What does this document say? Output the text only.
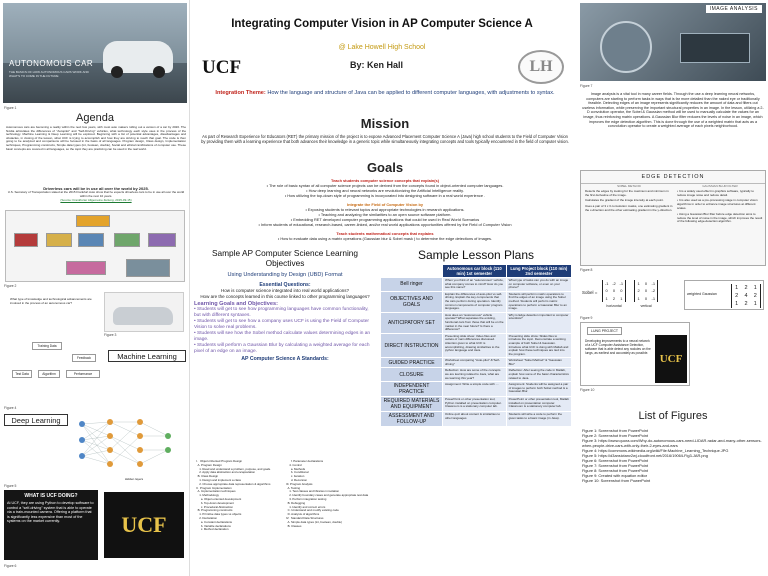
AUTONOMOUS CAR
THE BASICS OF HOW AUTONOMOUS CARS WORK AND WHAT'S TO COME IN THE FUTURE
Figure 1
Agenda
Autonomous cars are becoming a reality within the next few years, with most auto makers rolling out a version of a car by 2020. The Nvidia articulates the differences of "Autopilot" and "Self-Driving" vehicles, what technology each style uses in the process of the technology. Machine Learning & Deep Learning will be explored. Beginning with a list of potential advantages, disadvantages and obstacles, in closing of the lesson, what UCF is trying to accomplish and how they are striving to reach that goal. The code is then going to be analyzed and comparisons will be focused in the basis of all languages. Program design, Class design, Implementation techniques, Programming constructs, Simple data types (int, boolean, double), Social and ethical ramifications of computer use. These basic concepts are covered in all languages, so the topic they are practicing can be used in the real world.
Driverless cars will be in use all over the world by 2025.
U.S. Secretary of Transportation stated at the 2015 Frankfurt Auto show that he expects driverless cars to be in use all over the world within the next 10 years.
(Source: Frankfurter Allgemeine Zeitung, 2015-09-15)
Figure 2
What type of knowledge and technological advancements are involved in the process of an autonomous car?
Figure 3
Training Data
Test Data	Algorithm
Feedback
Performance
Machine Learning
Figure 4
Deep Learning
Hidden layers
Figure 5
WHAT IS UCF DOING?
At UCF, they are using Python to develop software to control a "self-driving" system that is able to operate via a train-mounted camera. Offering a platform that is significantly less expensive than most of the systems on the market currently.	UCF
Figure 6
Integrating Computer Vision in AP Computer Science A
@ Lake Howell High School
UCF	By: Ken Hall	LH
Integration Theme: How the language and structure of Java can be applied to different computer languages, with adjustments to syntax.
Mission
As part of Research Experience for Educators (RET) the primary mission of the project is to expose Advanced Placement Computer Science A (Java) high school students to the Field of Computer Vision by providing them with a learning experience that both advances their knowledge in a generic topic while simultaneously integrating concepts and tools typically encountered in the field of computer vision.
Goals
Teach students computer science concepts that explain(s)
• The role of basic syntax of all computer science projects can be derived from the concepts found in object-oriented computer languages.
• How deep learning and neural networks are revolutionizing the Artificial Intelligence reality.
• How utilizing the top-down style of programming is incorporated into designing software in a real world experience .
Integrate the Field of Computer Vision by
• Exposing students to relevant topics and appropriate technologies in research applications.
• Teaching and analyzing the similarities to an open source software platform.
• Embedding RET developed computer programming applications that could be used in Real World Scenarios
• Inform students of educational, research-based, career-linked, and/or real world applications opportunities offered by the Field of Computer Vision
Teach students mathematical concepts that explains
• How to evaluate data using a matrix operations (Gaussian blur & Sobel mask ) to determine the edge detections of images.
Sample AP Computer Science Learning Objectives
Using Understanding by Design (UBD) Format
Essential Questions:
How is computer science integrated into real world applications?
How are the concepts learned in this course linked to other programming languages?
Learning Goals and Objectives:
• Students will get to see how programming languages have common functionality, but with different syntaxes.
• Students will get to see how a company uses UCF is using the Field of Computer Vision to solve real problems.
• Students will see how the Sobel method calculate values determining edges in an image.
• Students will perform a Gaussian Blur by calculating a weighted average for each pixel of an edge on an image.
AP Computer Science A Standards:
I.   Object-Oriented Program Design
A. Program Design
1. Read and understand a problem, purpose, and goals.
2. Apply data abstraction and encapsulation
B. Class Design
1. Design and implement a class
2. Choose appropriate data representation & algorithms
II.  Program Implementation
A. Implementation techniques
1. Methodology
a. Object-oriented development
b. Top-down development
c. Procedural Abstraction
B. Programming constructs
1. Primitive data types vs objects
2. Declaration
a. Constant declarations
b. Variable declarations
c. Method declaration
f. Parameter declarations
4. Control
a. Methods
b. Conditional
c. Iteration
d. Recursion
III. Program Analysis
A. Testing
1. Test classes and libraries in isolation
2. Identify boundary cases and generate appropriate test data
3. Perform integration testing
B. Debugging
1. Identify and correct errors
C. Understand and modify existing code
D. Analysis of algorithms
IV.  Standard Data Structures
A. Simple data types (int, boolean, double)
B. Classes
Sample Lesson Plans
	Autonomous car block (110 min) 1st semester	Lung Project block (110 min) 2nd semester
Bell ringer	When you think of an "autonomous" vehicle, what company comes to mind? How do you see this name?	What type of tasks can you do with an image on computer software, or even on your phone?
OBJECTIVES AND GOALS	Explain the differences of auto-pilot vs self-driving. Explain the key components that the cars perform during operation. Identify common components of computer program languages.	Students will perform matrix operations to find the edges of an image using the Sobel method. Students will perform matrix operations to perform a Gaussian Blur to an image.
ANTICIPATORY SET	How does an "autonomous" vehicle operate? What separates the existing, functional cars from those that will be on the market in the near future? Is there a difference?	Why is Edge detection important to computer scientists?
DIRECT INSTRUCTION	Presenting slide show: Video files and outlets of main differences discussed. Attention given to what UCF is accomplishing, drawing similarities to the python language and Java.	Presenting slide show: Slides files to introduce the topic. Demonstrate a working example of both Sobel & Gaussian. Introduce what UCF is doing with Matlab and explain how these techniques are tied into the program.
GUIDED PRACTICE	Worksheet comparing "Auto-pilot" &"Self-driving"	Worksheet "Sobel Method" & "Gaussian Blur"
CLOSURE	Reflection: How are some of the concepts we are learning related to Java, what are we learning this year?	Reflection: After seeing the code in Matlab, explain how some of the basic characteristics related to Java.
INDEPENDENT PRACTICE	Assignment: Write a simple code with ....	Assignment: Students will be assigned a pair of images to perform both Sobel method & a Gaussian Blur.
REQUIRED MATERIALS AND EQUIPMENT	PowerPoint or other presentation tool, Python installed on presentation computer. Classroom is a stationary computer lab.	PowerPoint or other presentation tool, Matlab installed on presentation computer. Classroom is a stationary computer lab.
ASSESSMENT AND FOLLOW-UP	Online quiz about content & similarities to other languages	Students will write a code to perform the given tasks to a basic image (in Java).
IMAGE ANALYSIS
Figure 7
Image analysis is a vital tool in many career fields. Through the use a deep learning neural networks, computers are starting to perform tasks in ways that is far more detailed than the naked eye or traditionally feasible. Detecting edges of an image represents significantly reduces the amount of data and filters out useless information, while preserving the important structural properties in an image. In the lesson, utilizing a 2-D convolution operator, the Sobel & Gaussian method will be used to manually calculate the values for an image, thus reinforcing matrix operations. A Gaussian Blur filter reduces the levels of noise in an image, which improves the edge detection algorithm. This is done through the use of a weighted matrix that acts as a convolution operator to create a weighted average of each pixels neighborhood.
EDGE DETECTION
SOBEL METHOD
Detects the edges by looking for the maximum and minimum in the first derivative of the image.
Calculates the gradient of the image intensity at each point.
Uses a pair of 3 x 3 convolution masks, one estimating gradient in the x-direction and the other estimating gradient in the y-direction.
GAUSSIAN BLUR FILTER
• It is a widely used effect in graphics software, typically to reduce image noise and reduce detail.
• It is also used as a pre-processing stage in computer vision algorithms in order to enhance image structures at different scales.
• Using a Gaussian Blur filter before edge detection aims to reduce the level of noise in the image, which improves the result of the following edge-detection algorithm.
Figure 8
Sobel =
-1 -2 -1
0	0	0
1	2	1
1	0	-1
2	0	-2
1	0	-1
horizontal	vertical
weighted Gaussian
1	2	1
2	4	2
1	2	1
Figure 9
LUNG PROJECT
Developing improvements to a neural network of a UCF Computer Assistance Detection, software that is able detect any nodules on the lungs, as earliest and accurately as possible.	UCF
Figure 10
List of Figures
Figure 1: Screenshot from PowerPoint
Figure 2: Screenshot from PowerPoint
Figure 3: https://www.quora.com/Why-do-autonomous-cars-need-LIDAR-radar-and-many-other-sensors-when-people-drive-cars-with-only-their-2-eyes-and-ears
Figure 4: https://commons.wikimedia.org/wiki/File:Machine_Learning_Technique.JPG
Figure 5: https://d3ansictanv2wj.cloudfront.net/2016/1906/LFig3-JAR.png
Figure 6: Screenshot from PowerPoint
Figure 7: Screenshot from PowerPoint
Figure 8: Screenshot from PowerPoint
Figure 9: Created with equation editor
Figure 10: Screenshot from PowerPoint
